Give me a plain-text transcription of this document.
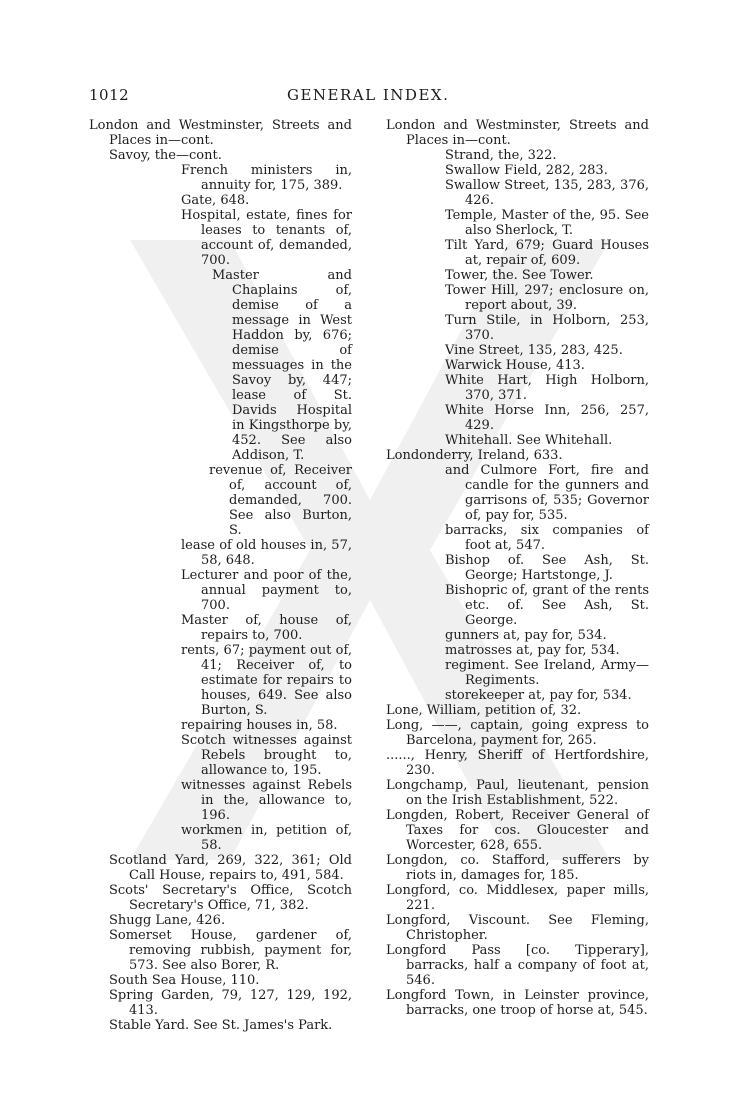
1012	GENERAL INDEX.

London and Westminster, Streets and Places in—cont.

Savoy, the—cont.

French ministers in, annuity for, 175, 389.

Gate, 648.

Hospital, estate, fines for leases to tenants of, account of, demanded, 700.

Master and Chaplains of, demise of a message in West Haddon by, 676; demise of messuages in the Savoy by, 447; lease of St. Davids Hospital in Kingsthorpe by, 452. See also Addison, T.

revenue of, Receiver of, account of, demanded, 700. See also Burton, S.

lease of old houses in, 57, 58, 648.

Lecturer and poor of the, annual payment to, 700.

Master of, house of, repairs to, 700.

rents, 67; payment out of, 41; Receiver of, to estimate for repairs to houses, 649. See also Burton, S.

repairing houses in, 58.

Scotch witnesses against Rebels brought to, allowance to, 195.

witnesses against Rebels in the, allowance to, 196.

workmen in, petition of, 58.

Scotland Yard, 269, 322, 361; Old Call House, repairs to, 491, 584.

Scots' Secretary's Office, Scotch Secretary's Office, 71, 382.

Shugg Lane, 426.

Somerset House, gardener of, removing rubbish, payment for, 573. See also Borer, R.

South Sea House, 110.

Spring Garden, 79, 127, 129, 192, 413.

Stable Yard. See St. James's Park.

London and Westminster, Streets and Places in—cont.

Strand, the, 322.

Swallow Field, 282, 283.

Swallow Street, 135, 283, 376, 426.

Temple, Master of the, 95. See also Sherlock, T.

Tilt Yard, 679; Guard Houses at, repair of, 609.

Tower, the. See Tower.

Tower Hill, 297; enclosure on, report about, 39.

Turn Stile, in Holborn, 253, 370.

Vine Street, 135, 283, 425.

Warwick House, 413.

White Hart, High Holborn, 370, 371.

White Horse Inn, 256, 257, 429.

Whitehall. See Whitehall.

Londonderry, Ireland, 633.

and Culmore Fort, fire and candle for the gunners and garrisons of, 535; Governor of, pay for, 535.

barracks, six companies of foot at, 547.

Bishop of. See Ash, St. George; Hartstonge, J.

Bishopric of, grant of the rents etc. of. See Ash, St. George.

gunners at, pay for, 534.

matrosses at, pay for, 534.

regiment. See Ireland, Army—Regiments.

storekeeper at, pay for, 534.

Lone, William, petition of, 32.

Long, ——, captain, going express to Barcelona, payment for, 265.

......, Henry, Sheriff of Hertfordshire, 230.

Longchamp, Paul, lieutenant, pension on the Irish Establishment, 522.

Longden, Robert, Receiver General of Taxes for cos. Gloucester and Worcester, 628, 655.

Longdon, co. Stafford, sufferers by riots in, damages for, 185.

Longford, co. Middlesex, paper mills, 221.

Longford, Viscount. See Fleming, Christopher.

Longford Pass [co. Tipperary], barracks, half a company of foot at, 546.

Longford Town, in Leinster province, barracks, one troop of horse at, 545.
